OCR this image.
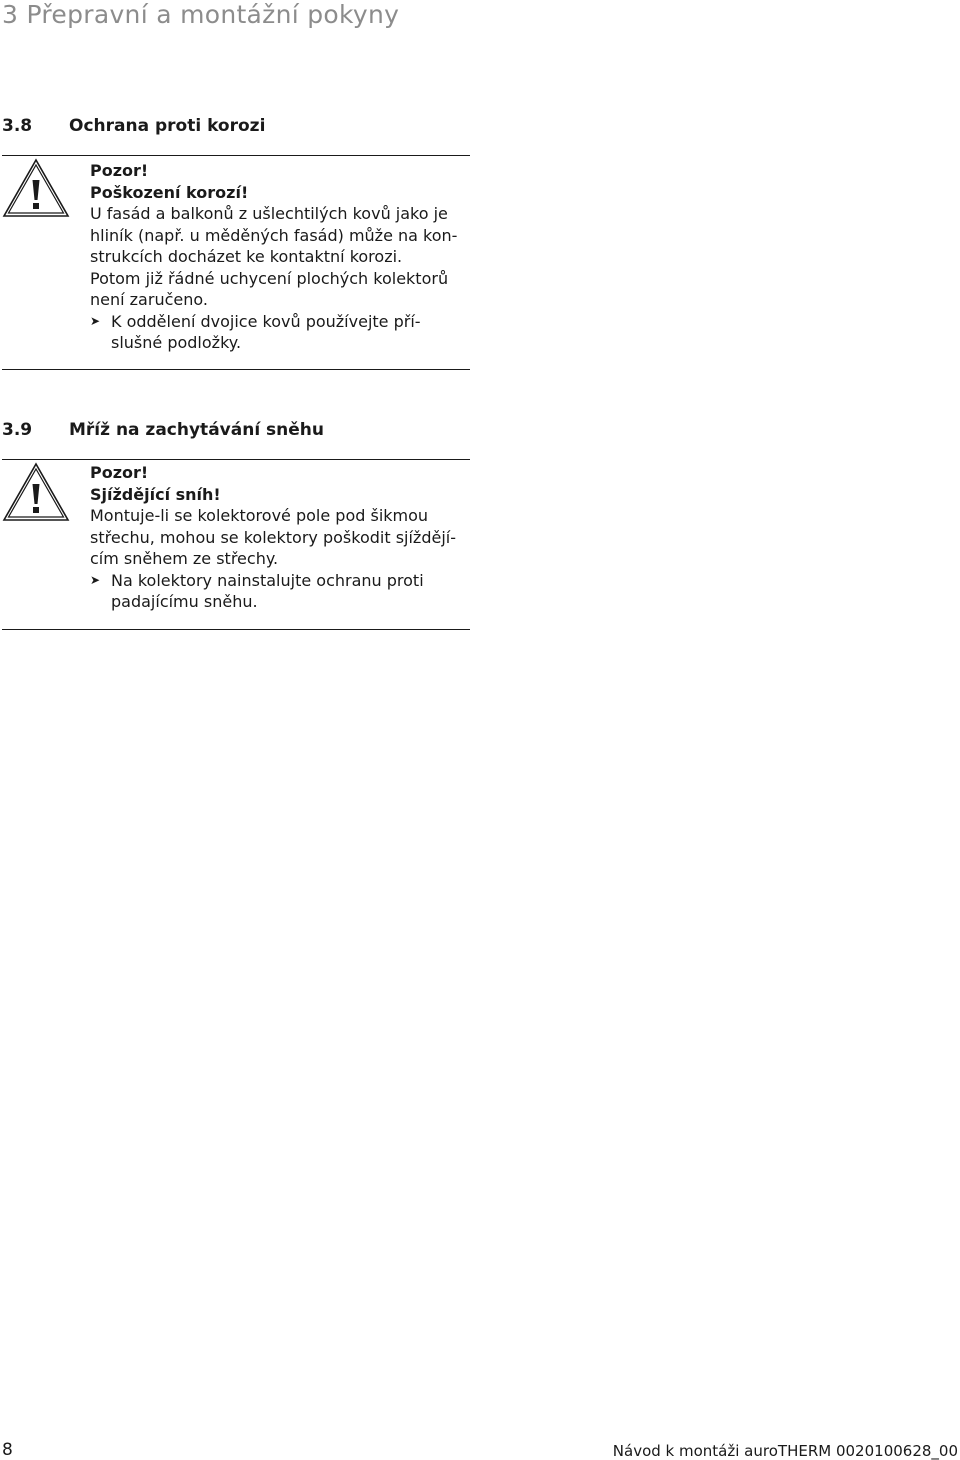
3 Přepravní a montážní pokyny
3.8 Ochrana proti korozi

Pozor!

Poškození korozí!

U fasád a balkonů z ušlechtilých kovů jako je

hliník (např. u měděných fasád) může na kon-

strukcích docházet ke kontaktní korozi.

Potom již řádné uchycení plochých kolektorů

není zaručeno.

➤ K oddělení dvojice kovů používejte pří-

slušné podložky.

3.9 Mříž na zachytávání sněhu

Pozor!

Sjíždějící sníh!

Montuje-li se kolektorové pole pod šikmou

střechu, mohou se kolektory poškodit sjíždějí-

cím sněhem ze střechy.

➤ Na kolektory nainstalujte ochranu proti

padajícímu sněhu.

8	Návod k montáži auroTHERM 0020100628_00
